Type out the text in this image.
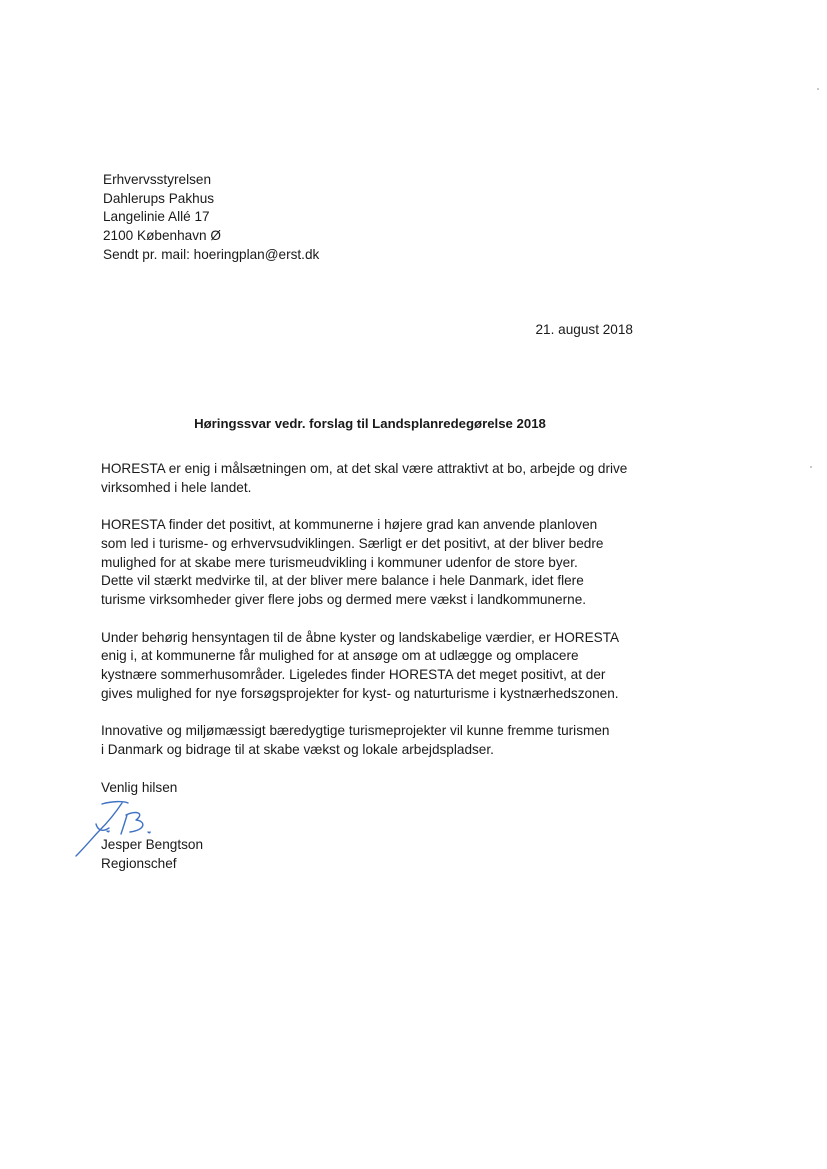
Erhvervsstyrelsen
Dahlerups Pakhus
Langelinie Allé 17
2100 København Ø
Sendt pr. mail: hoeringplan@erst.dk
21. august 2018
Høringssvar vedr. forslag til Landsplanredegørelse 2018

HORESTA er enig i målsætningen om, at det skal være attraktivt at bo, arbejde og drive
virksomhed i hele landet.

HORESTA finder det positivt, at kommunerne i højere grad kan anvende planloven
som led i turisme- og erhvervsudviklingen. Særligt er det positivt, at der bliver bedre
mulighed for at skabe mere turismeudvikling i kommuner udenfor de store byer.
Dette vil stærkt medvirke til, at der bliver mere balance i hele Danmark, idet flere
turisme virksomheder giver flere jobs og dermed mere vækst i landkommunerne.

Under behørig hensyntagen til de åbne kyster og landskabelige værdier, er HORESTA
enig i, at kommunerne får mulighed for at ansøge om at udlægge og omplacere
kystnære sommerhusområder. Ligeledes finder HORESTA det meget positivt, at der
gives mulighed for nye forsøgsprojekter for kyst- og naturturisme i kystnærhedszonen.

Innovative og miljømæssigt bæredygtige turismeprojekter vil kunne fremme turismen
i Danmark og bidrage til at skabe vækst og lokale arbejdspladser.

Venlig hilsen
Jesper Bengtson
Regionschef
